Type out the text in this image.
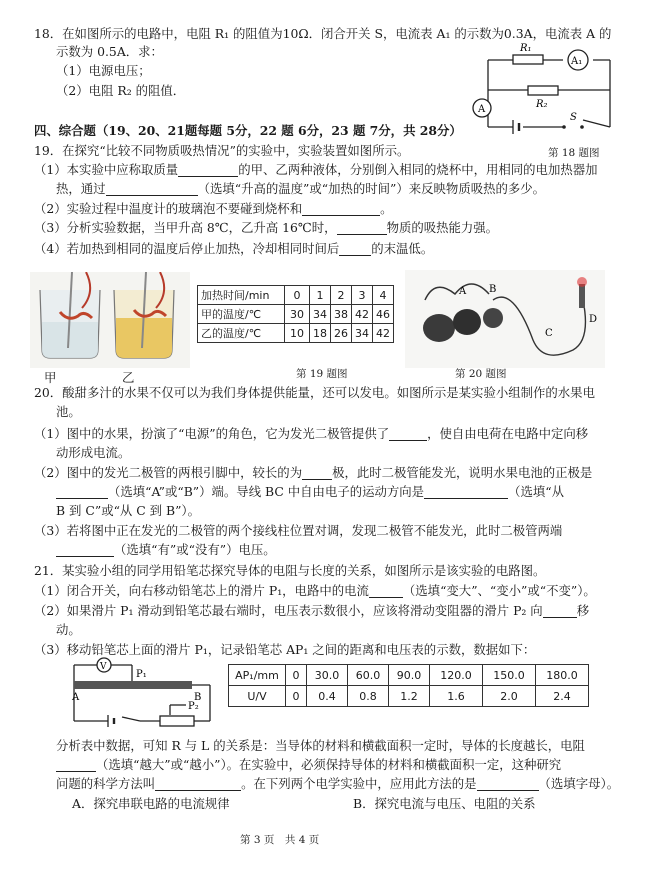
18．在如图所示的电路中，电阻 R₁ 的阻值为10Ω．闭合开关 S，电流表 A₁ 的示数为0.3A，电流表 A 的
示数为 0.5A．求：
（1）电源电压；
（2）电阻 R₂ 的阻值．
R₁
R₂
A₁
A
S
四、综合题（19、20、21题每题 5分，22 题 6分，23 题 7分，共 28分）
19．在探究“比较不同物质吸热情况”的实验中，实验装置如图所示。	第 18 题图
（1）本实验中应称取质量	的甲、乙两种液体，分别倒入相同的烧杯中，用相同的电加热器加
热，通过	（选填“升高的温度”或“加热的时间”）来反映物质吸热的多少。
（2）实验过程中温度计的玻璃泡不要碰到烧杯和	。
（3）分析实验数据，当甲升高 8℃，乙升高 16℃时，	物质的吸热能力强。
（4）若加热到相同的温度后停止加热，冷却相同时间后	的末温低。
甲	乙
加热时间/min	0	1	2	3	4
甲的温度/℃	30	34	38	42	46
乙的温度/℃	10	18	26	34	42
第 19 题图
A B
C
D
第 20 题图
20．酸甜多汁的水果不仅可以为我们身体提供能量，还可以发电。如图所示是某实验小组制作的水果电
池。
（1）图中的水果，扮演了“电源”的角色，它为发光二极管提供了	，使自由电荷在电路中定向移
动形成电流。
（2）图中的发光二极管的两根引脚中，较长的为 极，此时二极管能发光，说明水果电池的正极是
（选填“A”或“B”）端。导线 BC 中自由电子的运动方向是	（选填“从
B 到 C”或“从 C 到 B”）。
（3）若将图中正在发光的二极管的两个接线柱位置对调，发现二极管不能发光，此时二极管两端
（选填“有”或“没有”）电压。
21．某实验小组的同学用铅笔芯探究导体的电阻与长度的关系，如图所示是该实验的电路图。
（1）闭合开关，向右移动铅笔芯上的滑片 P₁，电路中的电流	（选填“变大”、“变小”或“不变”）。
（2）如果滑片 P₁ 滑动到铅笔芯最右端时，电压表示数很小，应该将滑动变阻器的滑片 P₂ 向	移
动。
（3）移动铅笔芯上面的滑片 P₁，记录铅笔芯 AP₁ 之间的距离和电压表的示数，数据如下：
V
P₁
A	B
P₂
AP₁/mm	0	30.0	60.0	90.0	120.0	150.0	180.0
U/V	0	0.4	0.8	1.2	1.6	2.0	2.4
分析表中数据，可知 R 与 L 的关系是：当导体的材料和横截面积一定时，导体的长度越长，电阻
（选填“越大”或“越小”）。在实验中，必须保持导体的材料和横截面积一定，这种研究
问题的科学方法叫	。在下列两个电学实验中，应用此方法的是	（选填字母）。
A．探究串联电路的电流规律	B．探究电流与电压、电阻的关系
第 3 页　共 4 页
